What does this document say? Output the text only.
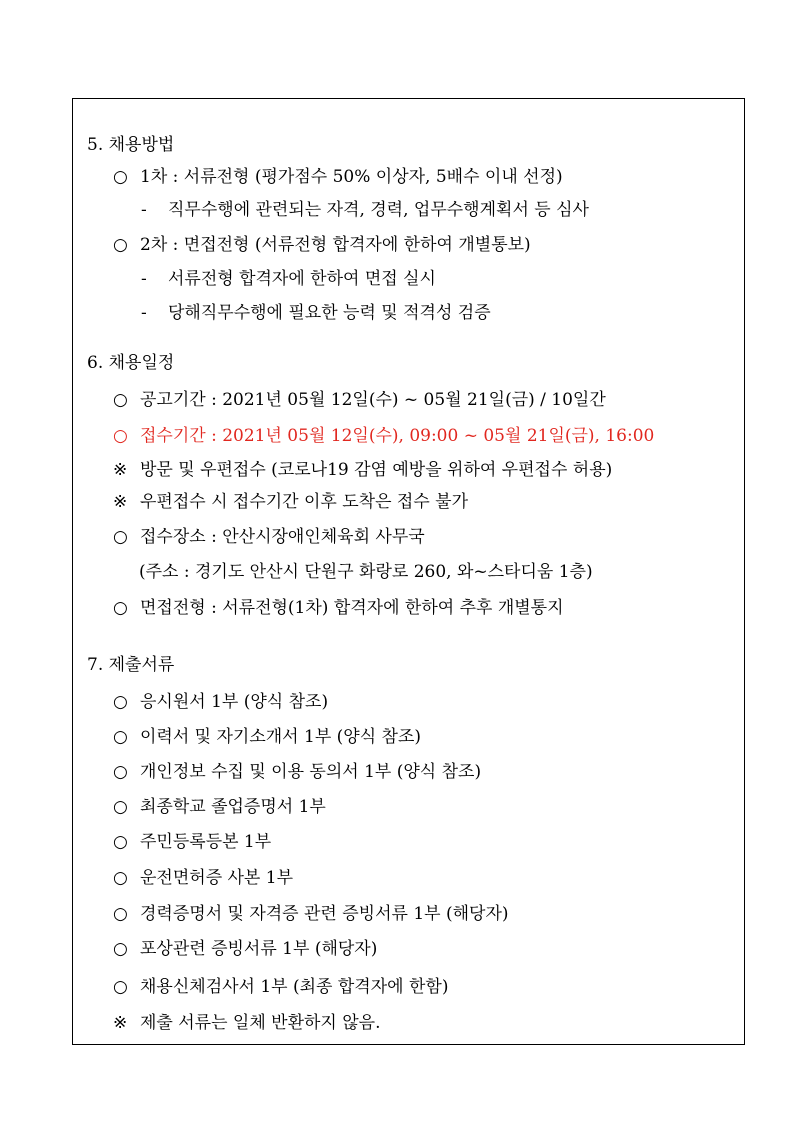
5. 채용방법
○ 1차 : 서류전형 (평가점수 50% 이상자, 5배수 이내 선정)
- 직무수행에 관련되는 자격, 경력, 업무수행계획서 등 심사
○ 2차 : 면접전형 (서류전형 합격자에 한하여 개별통보)
- 서류전형 합격자에 한하여 면접 실시
- 당해직무수행에 필요한 능력 및 적격성 검증
6. 채용일정
○ 공고기간 : 2021년 05월 12일(수) ~ 05월 21일(금) / 10일간
○ 접수기간 : 2021년 05월 12일(수), 09:00 ~ 05월 21일(금), 16:00
※ 방문 및 우편접수 (코로나19 감염 예방을 위하여 우편접수 허용)
※ 우편접수 시 접수기간 이후 도착은 접수 불가
○ 접수장소 : 안산시장애인체육회 사무국
(주소 : 경기도 안산시 단원구 화랑로 260, 와~스타디움 1층)
○ 면접전형 : 서류전형(1차) 합격자에 한하여 추후 개별통지
7. 제출서류
○ 응시원서 1부 (양식 참조)
○ 이력서 및 자기소개서 1부 (양식 참조)
○ 개인정보 수집 및 이용 동의서 1부 (양식 참조)
○ 최종학교 졸업증명서 1부
○ 주민등록등본 1부
○ 운전면허증 사본 1부
○ 경력증명서 및 자격증 관련 증빙서류 1부 (해당자)
○ 포상관련 증빙서류 1부 (해당자)
○ 채용신체검사서 1부 (최종 합격자에 한함)
※ 제출 서류는 일체 반환하지 않음.
